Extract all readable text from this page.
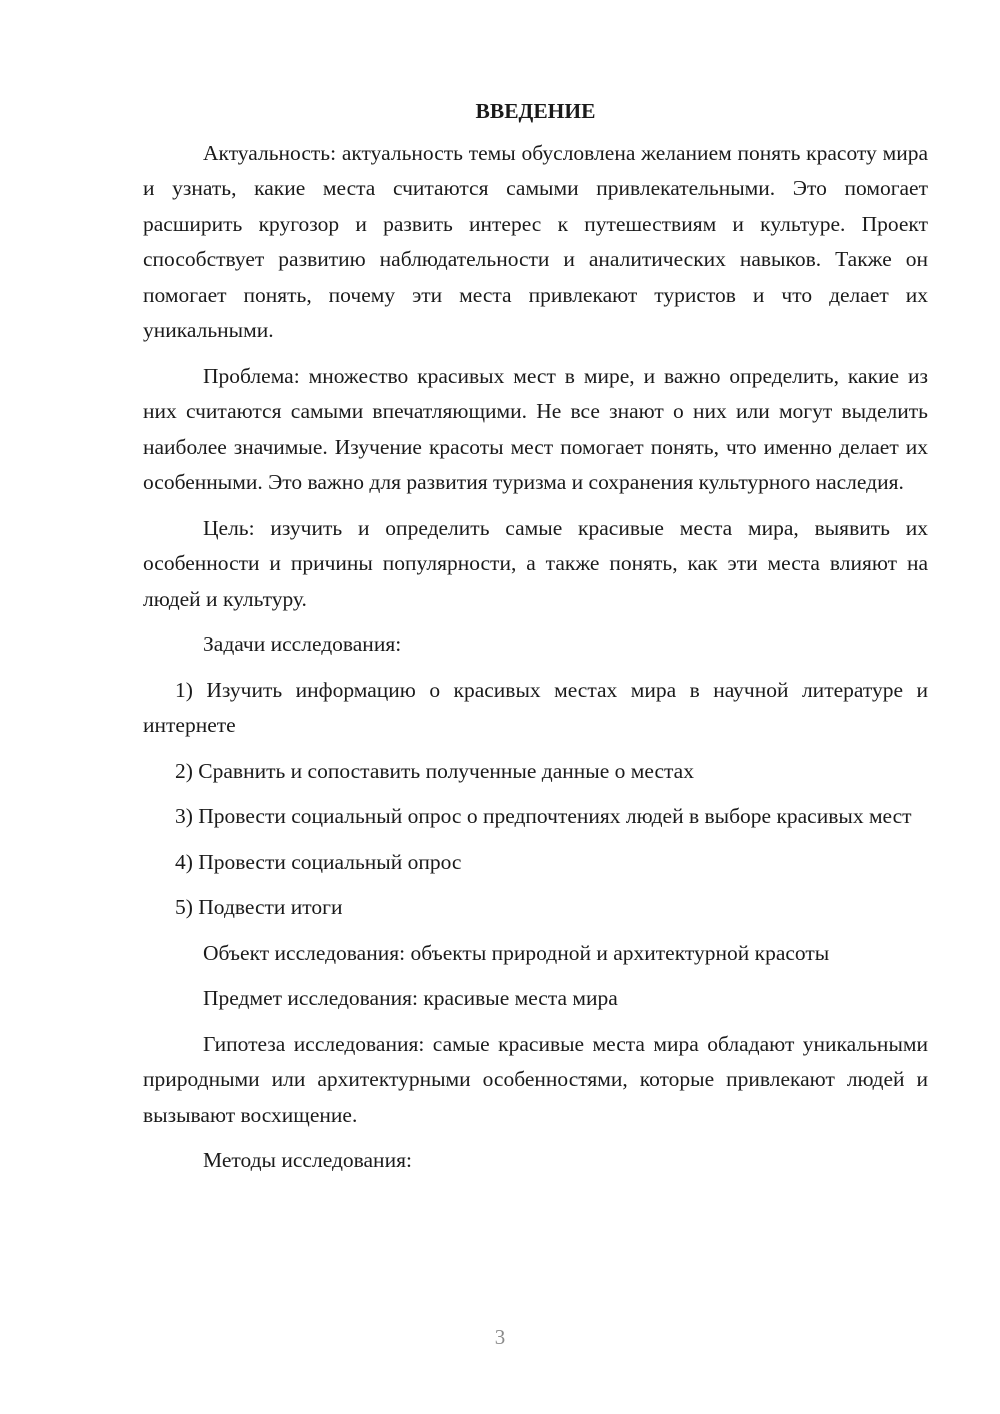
ВВЕДЕНИЕ

Актуальность: актуальность темы обусловлена желанием понять красоту мира и узнать, какие места считаются самыми привлекательными. Это помогает расширить кругозор и развить интерес к путешествиям и культуре. Проект способствует развитию наблюдательности и аналитических навыков. Также он помогает понять, почему эти места привлекают туристов и что делает их уникальными.

Проблема: множество красивых мест в мире, и важно определить, какие из них считаются самыми впечатляющими. Не все знают о них или могут выделить наиболее значимые. Изучение красоты мест помогает понять, что именно делает их особенными. Это важно для развития туризма и сохранения культурного наследия.

Цель: изучить и определить самые красивые места мира, выявить их особенности и причины популярности, а также понять, как эти места влияют на людей и культуру.

Задачи исследования:

1) Изучить информацию о красивых местах мира в научной литературе и интернете

2) Сравнить и сопоставить полученные данные о местах

3) Провести социальный опрос о предпочтениях людей в выборе красивых мест

4) Провести социальный опрос

5) Подвести итоги

Объект исследования: объекты природной и архитектурной красоты

Предмет исследования: красивые места мира

Гипотеза исследования: самые красивые места мира обладают уникальными природными или архитектурными особенностями, которые привлекают людей и вызывают восхищение.

Методы исследования:

3
